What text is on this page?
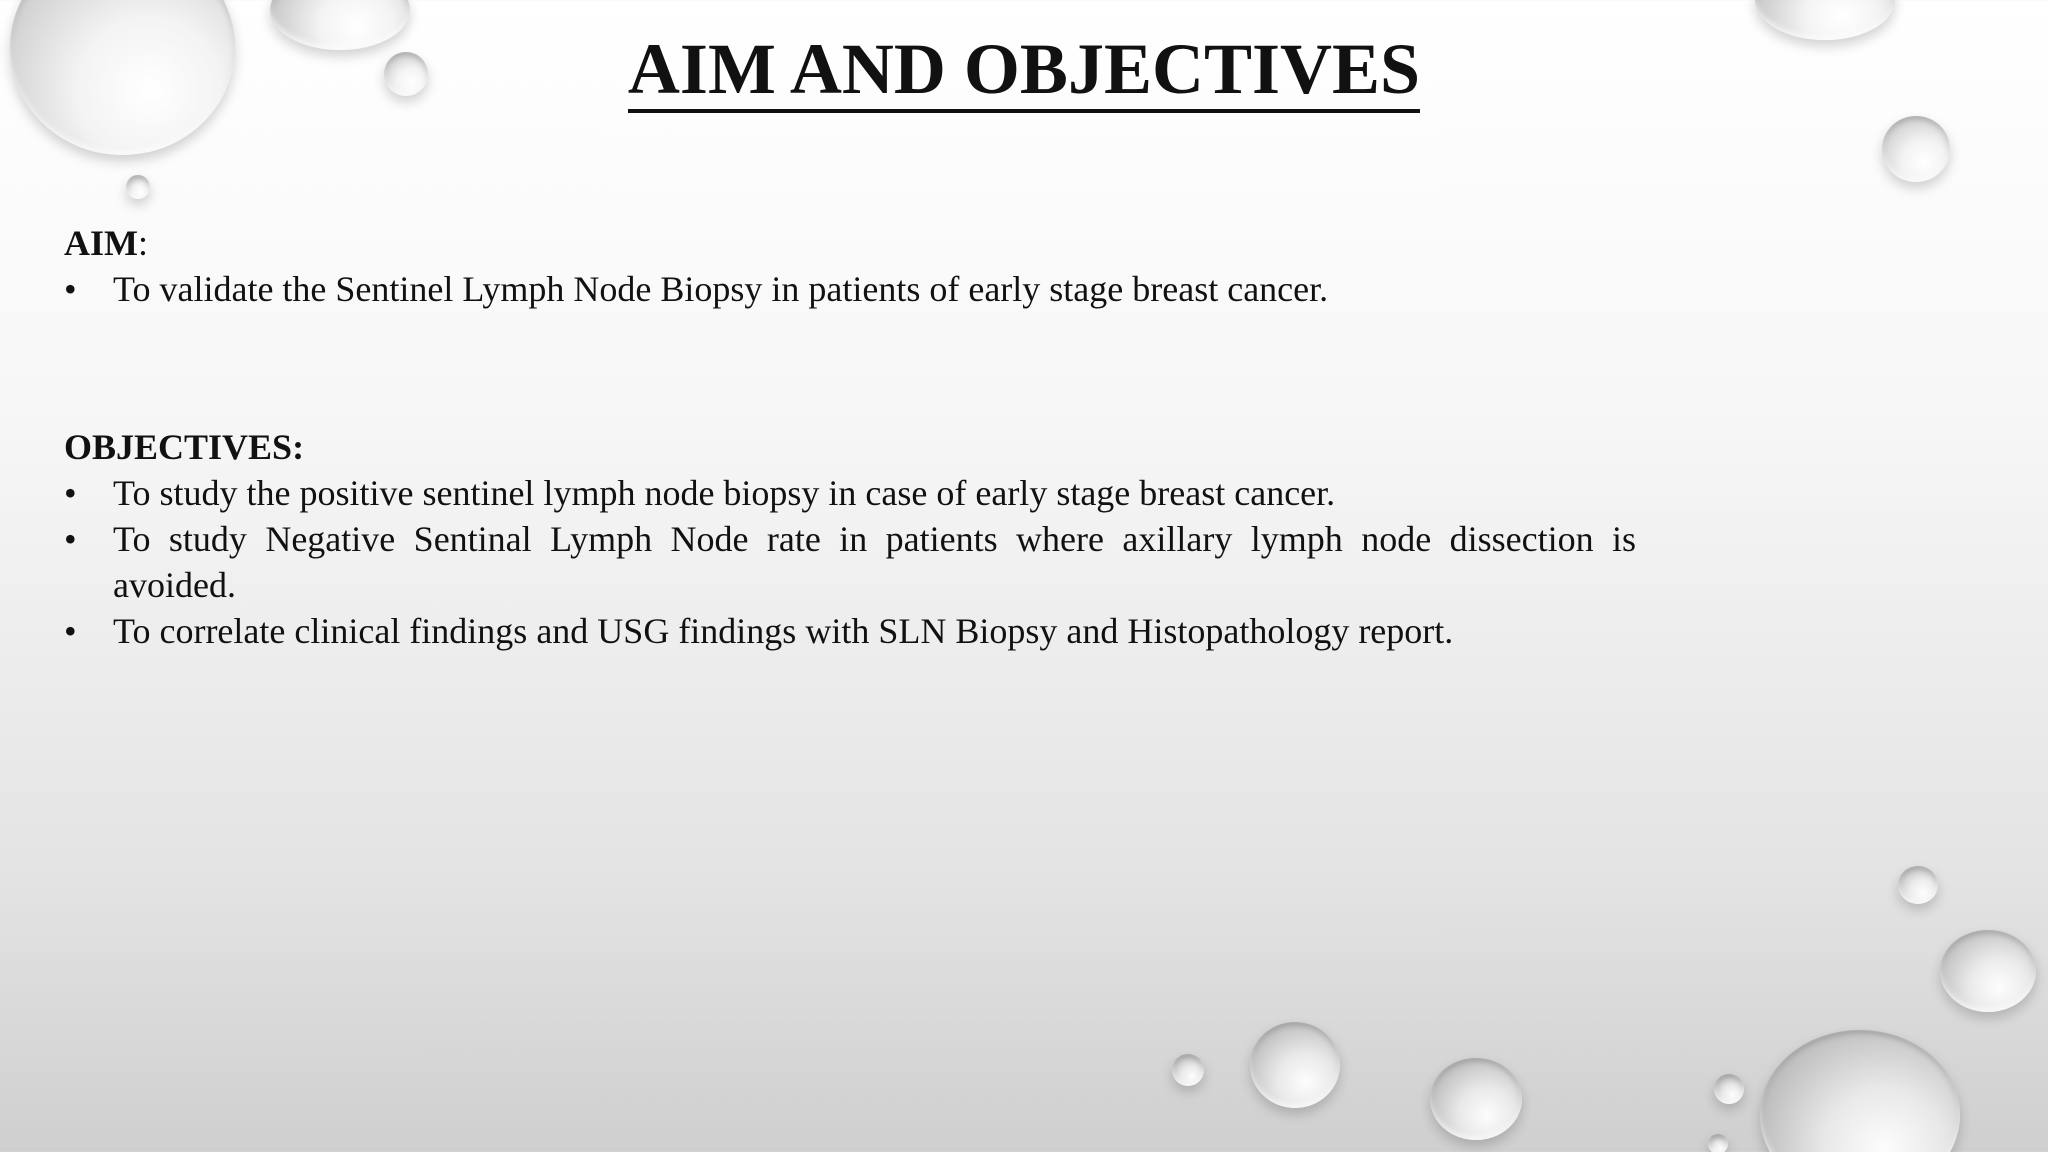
AIM AND OBJECTIVES

AIM:

• To validate the Sentinel Lymph Node Biopsy in patients of early stage breast cancer.

OBJECTIVES:

• To study the positive sentinel lymph node biopsy in case of early stage breast cancer.
• To study Negative Sentinal Lymph Node rate in patients where axillary lymph node dissection is avoided.
• To correlate clinical findings and USG findings with SLN Biopsy and Histopathology report.
